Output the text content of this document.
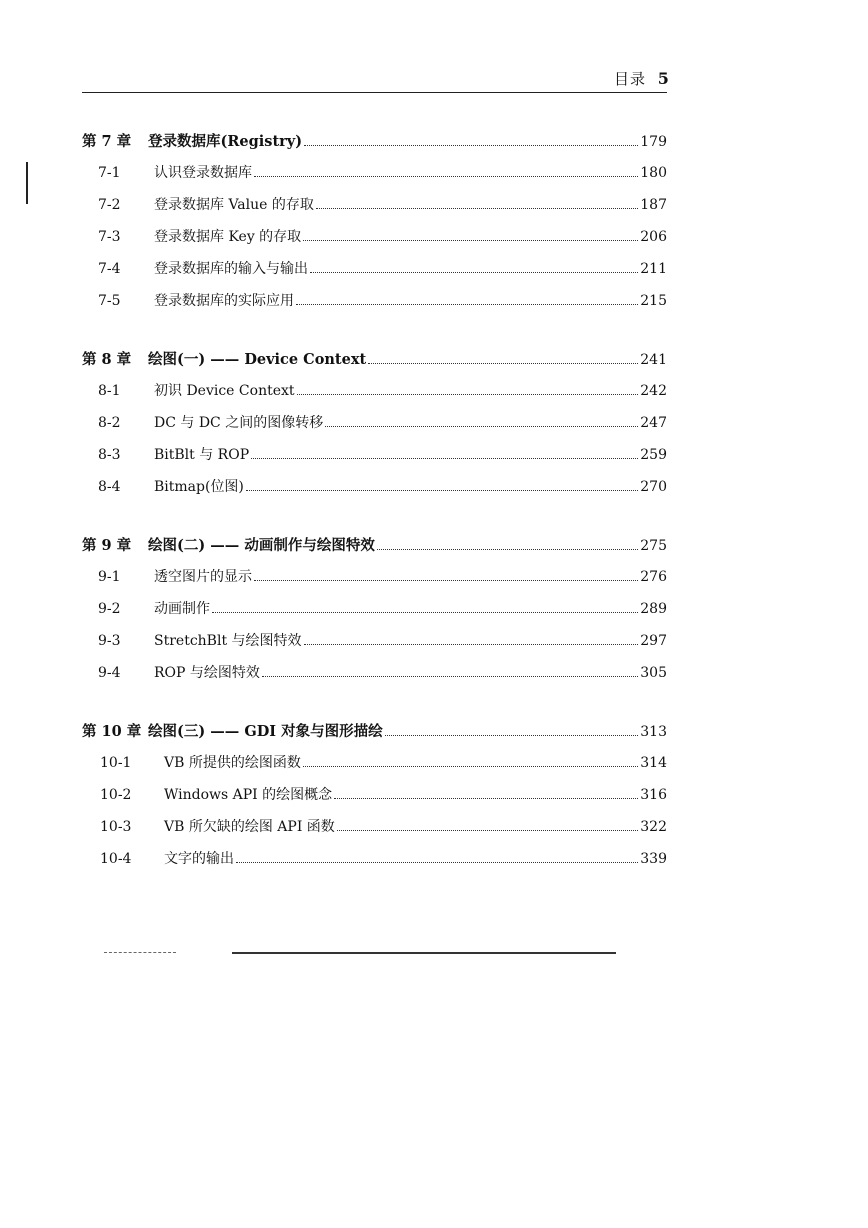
目录 5
第 7 章	登录数据库(Registry)	179
7-1	认识登录数据库	180
7-2	登录数据库 Value 的存取	187
7-3	登录数据库 Key 的存取	206
7-4	登录数据库的输入与输出	211
7-5	登录数据库的实际应用	215
第 8 章	绘图(一) —— Device Context	241
8-1	初识 Device Context	242
8-2	DC 与 DC 之间的图像转移	247
8-3	BitBlt 与 ROP	259
8-4	Bitmap(位图)	270
第 9 章	绘图(二) —— 动画制作与绘图特效	275
9-1	透空图片的显示	276
9-2	动画制作	289
9-3	StretchBlt 与绘图特效	297
9-4	ROP 与绘图特效	305
第 10 章 绘图(三) —— GDI 对象与图形描绘	313
10-1	VB 所提供的绘图函数	314
10-2	Windows API 的绘图概念	316
10-3	VB 所欠缺的绘图 API 函数	322
10-4	文字的输出	339
